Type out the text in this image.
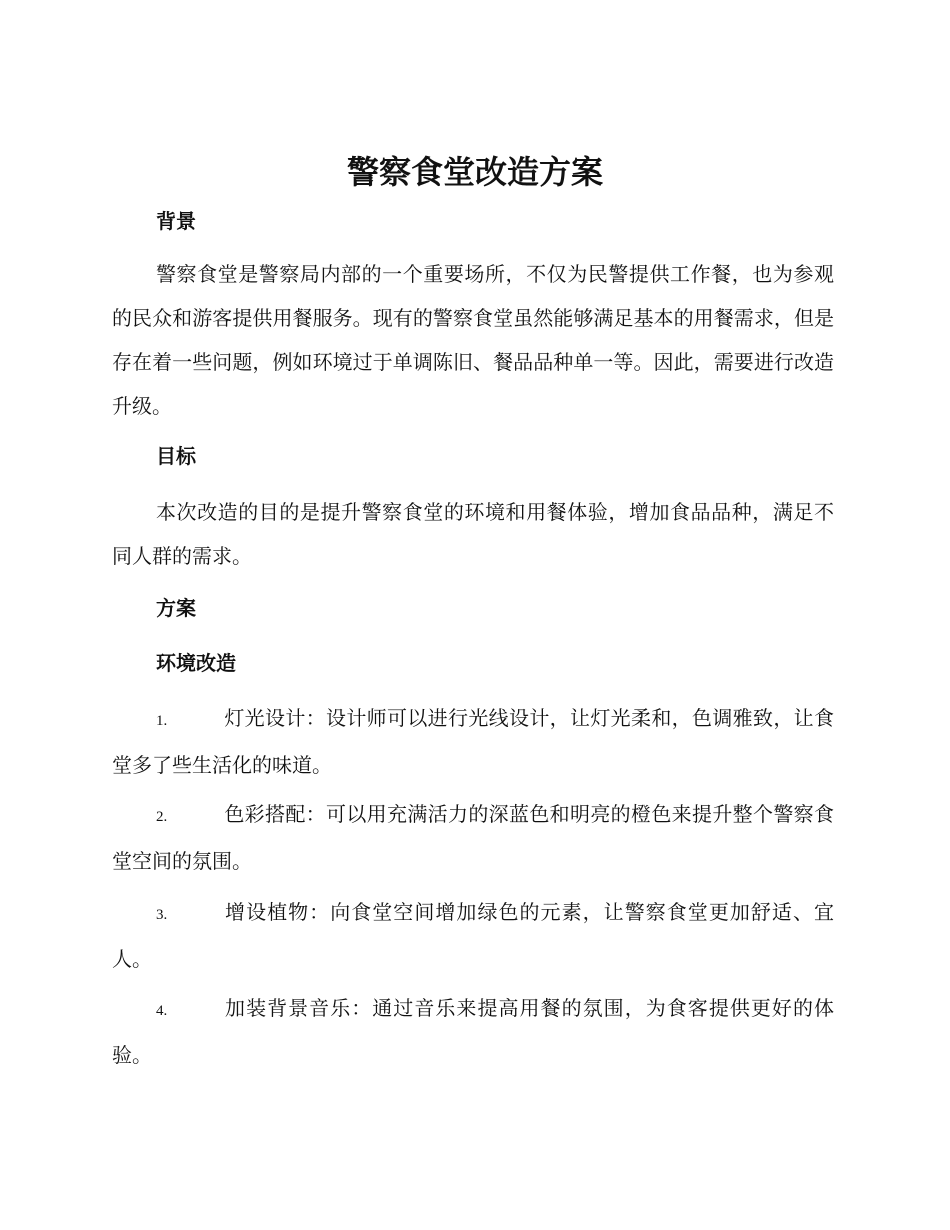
警察食堂改造方案
背景

警察食堂是警察局内部的一个重要场所，不仅为民警提供工作餐，也为参观的民众和游客提供用餐服务。现有的警察食堂虽然能够满足基本的用餐需求，但是存在着一些问题，例如环境过于单调陈旧、餐品品种单一等。因此，需要进行改造升级。

目标

本次改造的目的是提升警察食堂的环境和用餐体验，增加食品品种，满足不同人群的需求。

方案
环境改造

1.	灯光设计：设计师可以进行光线设计，让灯光柔和，色调雅致，让食堂多了些生活化的味道。

2.	色彩搭配：可以用充满活力的深蓝色和明亮的橙色来提升整个警察食堂空间的氛围。

3.	增设植物：向食堂空间增加绿色的元素，让警察食堂更加舒适、宜人。

4.	加装背景音乐：通过音乐来提高用餐的氛围，为食客提供更好的体验。
